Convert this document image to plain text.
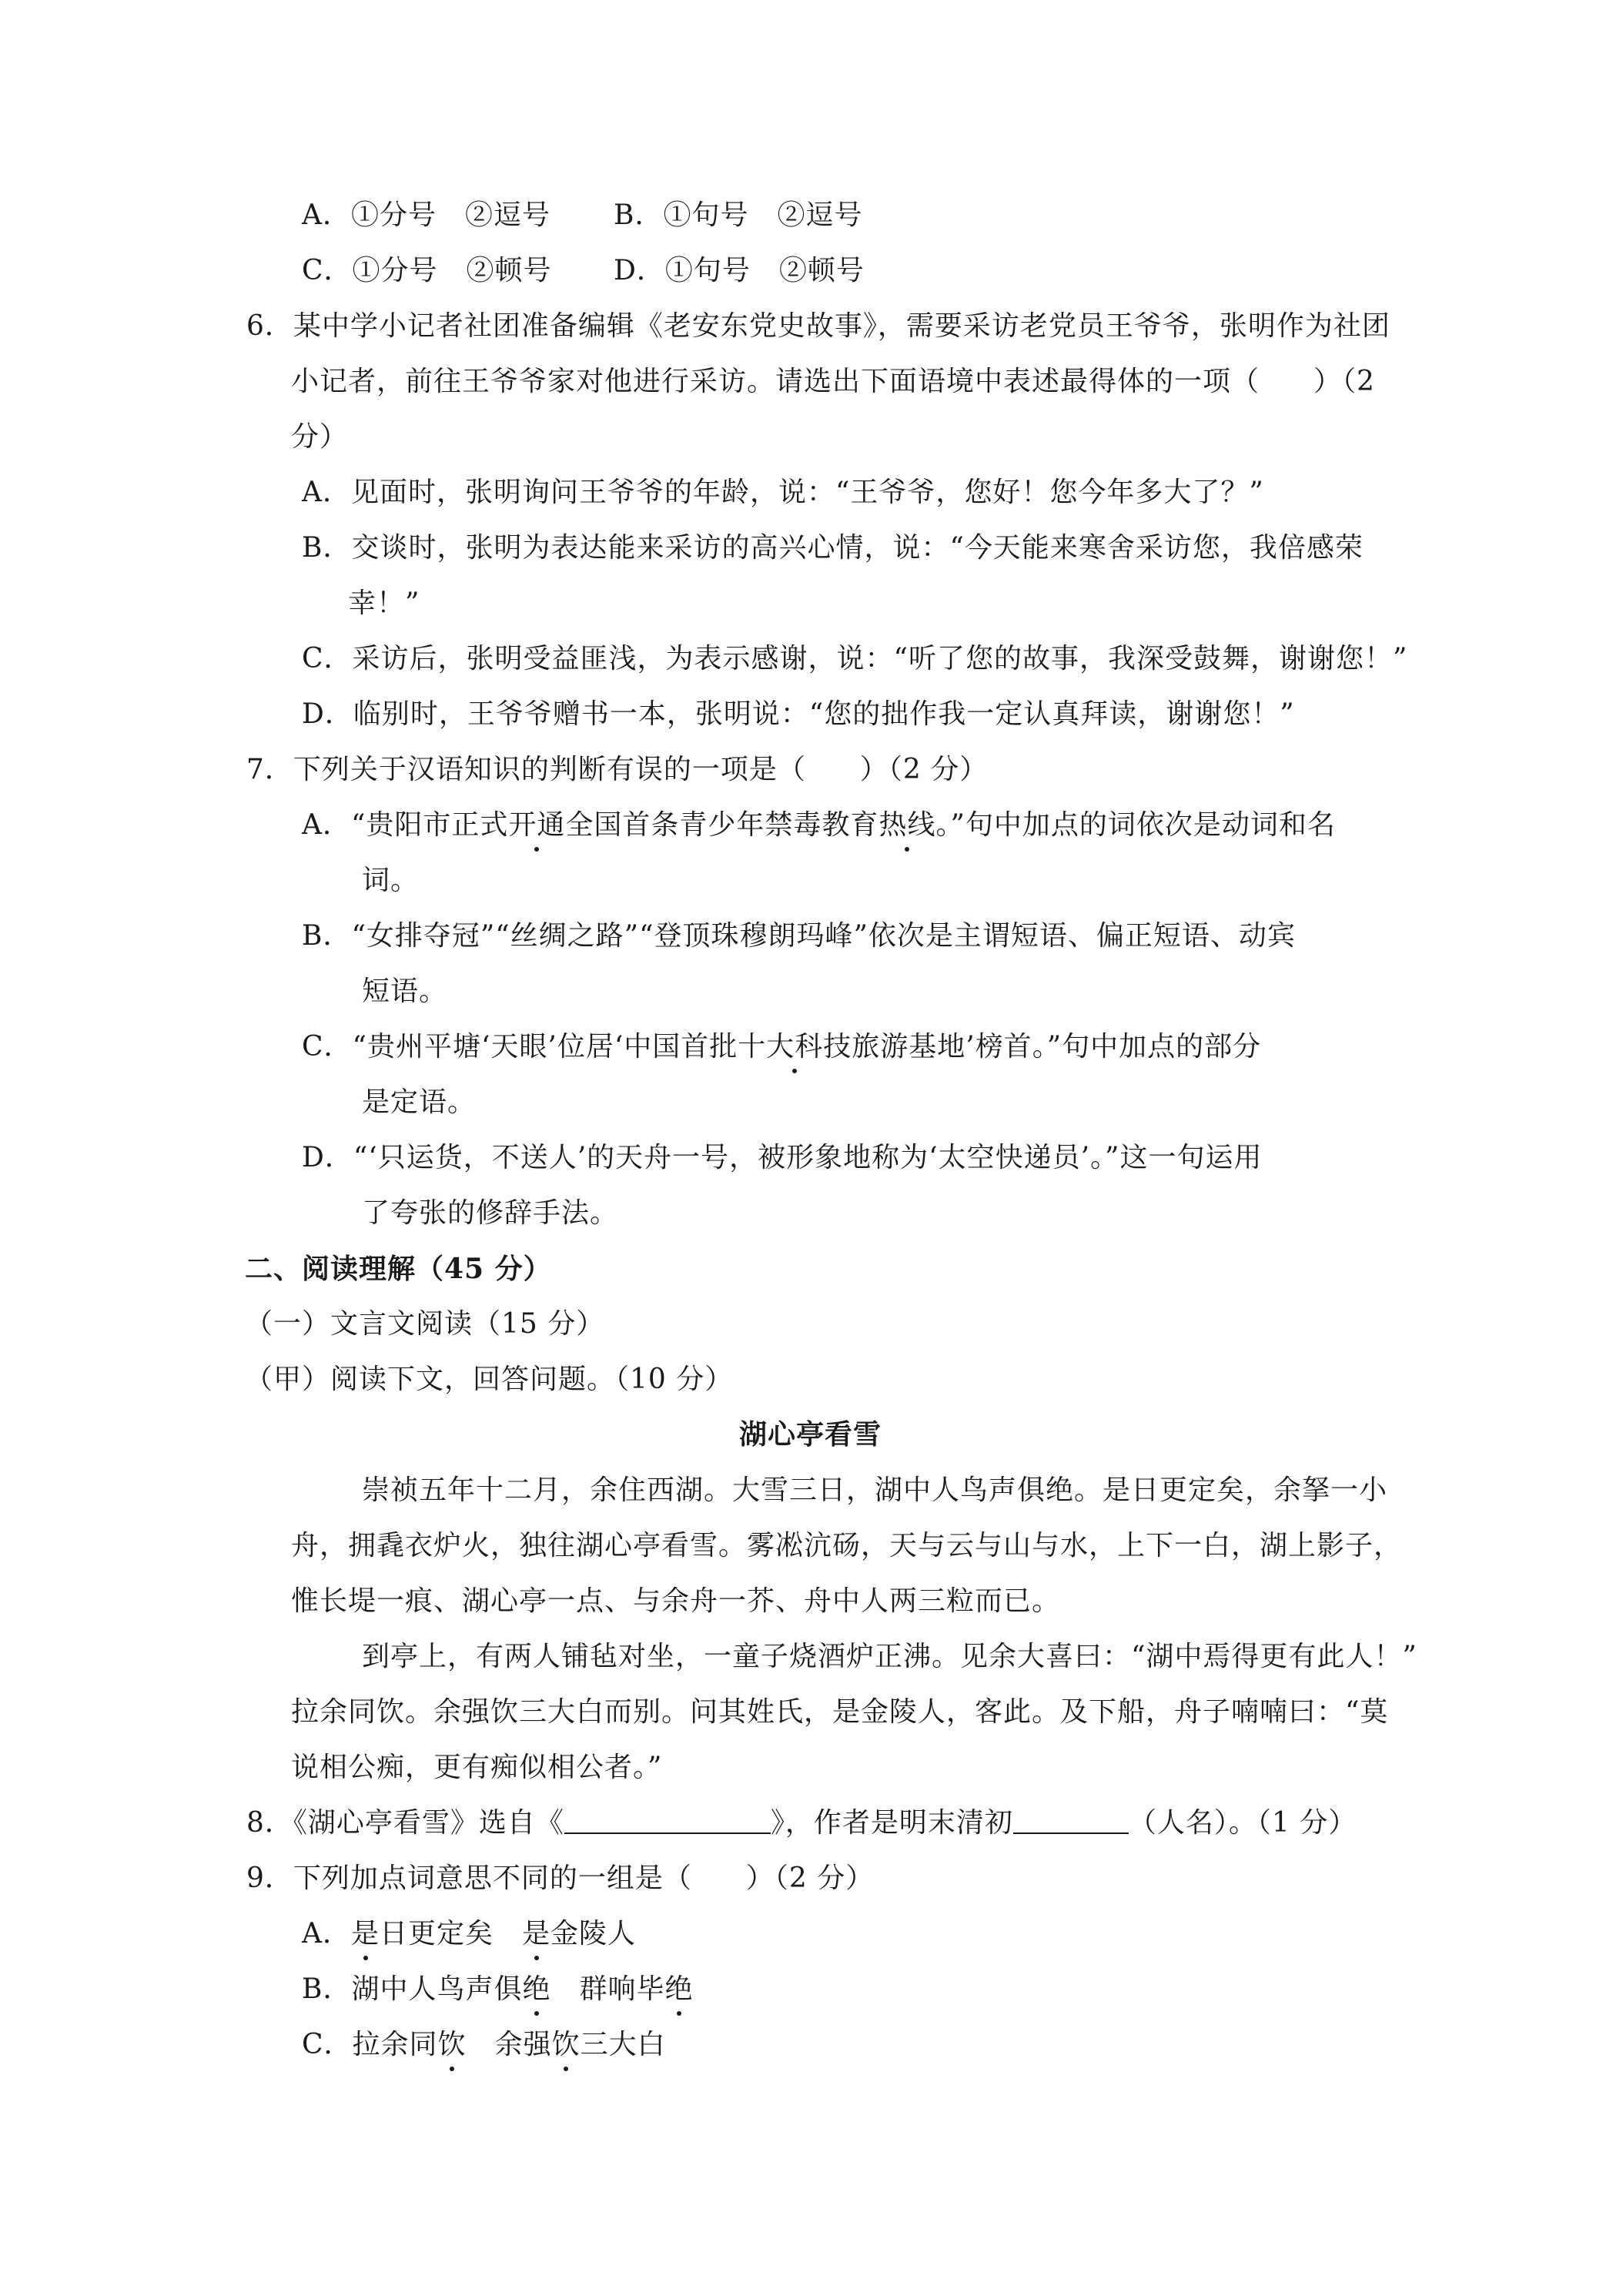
A．①分号　②逗号 B．①句号　②逗号
C．①分号　②顿号 D．①句号　②顿号
6．某中学小记者社团准备编辑《老安东党史故事》，需要采访老党员王爷爷，张明作为社团
小记者，前往王爷爷家对他进行采访。请选出下面语境中表述最得体的一项（ ）（2
分）
A．见面时，张明询问王爷爷的年龄，说：“王爷爷，您好！您今年多大了？”
B．交谈时，张明为表达能来采访的高兴心情，说：“今天能来寒舍采访您，我倍感荣
幸！”
C．采访后，张明受益匪浅，为表示感谢，说：“听了您的故事，我深受鼓舞，谢谢您！”
D．临别时，王爷爷赠书一本，张明说：“您的拙作我一定认真拜读，谢谢您！”
7．下列关于汉语知识的判断有误的一项是（ ）（2 分）
A．“贵阳市正式开通全国首条青少年禁毒教育热线。”句中加点的词依次是动词和名
词。
B．“女排夺冠”“丝绸之路”“登顶珠穆朗玛峰”依次是主谓短语、偏正短语、动宾
短语。
C．“贵州平塘‘天眼’位居‘中国首批十大科技旅游基地’榜首。”句中加点的部分
是定语。
D．“‘只运货，不送人’的天舟一号，被形象地称为‘太空快递员’。”这一句运用
了夸张的修辞手法。
二、阅读理解（45 分）
（一）文言文阅读（15 分）
（甲）阅读下文，回答问题。（10 分）
湖心亭看雪
崇祯五年十二月，余住西湖。大雪三日，湖中人鸟声俱绝。是日更定矣，余拏一小
舟，拥毳衣炉火，独往湖心亭看雪。雾凇沆砀，天与云与山与水，上下一白，湖上影子，
惟长堤一痕、湖心亭一点、与余舟一芥、舟中人两三粒而已。
到亭上，有两人铺毡对坐，一童子烧酒炉正沸。见余大喜曰：“湖中焉得更有此人！”
拉余同饮。余强饮三大白而别。问其姓氏，是金陵人，客此。及下船，舟子喃喃曰：“莫
说相公痴，更有痴似相公者。”
8．《湖心亭看雪》选自《	》，作者是明末清初	（人名）。（1 分）
9．下列加点词意思不同的一组是（ ）（2 分）
A．是日更定矣　是金陵人
B．湖中人鸟声俱绝　群响毕绝
C．拉余同饮　余强饮三大白
